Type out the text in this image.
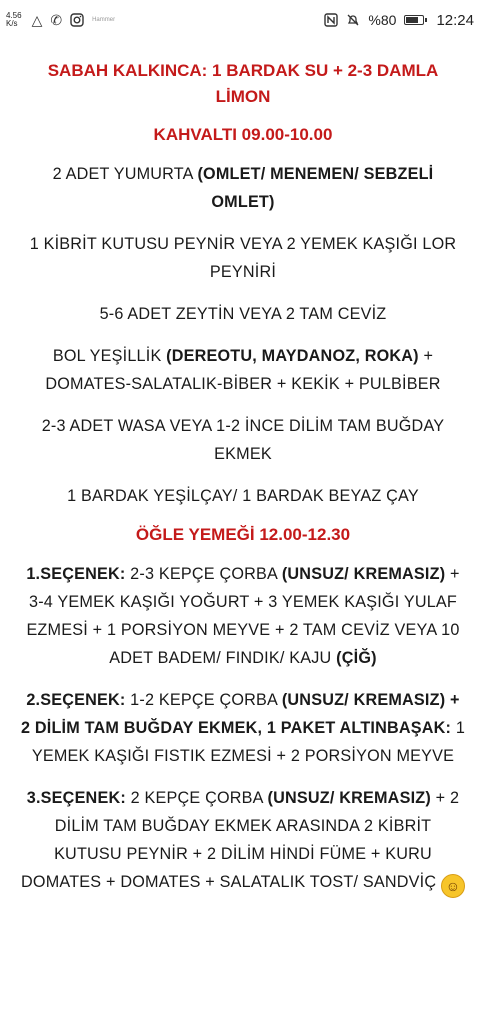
4.56
K/s △ ✆	Hammer	%80	12:24

SABAH KALKINCA: 1 BARDAK SU + 2-3 DAMLA LİMON

KAHVALTI 09.00-10.00

2 ADET YUMURTA (OMLET/ MENEMEN/ SEBZELİ OMLET)

1 KİBRİT KUTUSU PEYNİR VEYA 2 YEMEK KAŞIĞI LOR PEYNİRİ

5-6 ADET ZEYTİN VEYA 2 TAM CEVİZ

BOL YEŞİLLİK (DEREOTU, MAYDANOZ, ROKA) + DOMATES-SALATALIK-BİBER + KEKİK + PULBİBER

2-3 ADET WASA VEYA 1-2 İNCE DİLİM TAM BUĞDAY EKMEK

1 BARDAK YEŞİLÇAY/ 1 BARDAK BEYAZ ÇAY

ÖĞLE YEMEĞİ 12.00-12.30

1.SEÇENEK: 2-3 KEPÇE ÇORBA (UNSUZ/ KREMASIZ) + 3-4 YEMEK KAŞIĞI YOĞURT + 3 YEMEK KAŞIĞI YULAF EZMESİ + 1 PORSİYON MEYVE + 2 TAM CEVİZ VEYA 10 ADET BADEM/ FINDIK/ KAJU (ÇİĞ)

2.SEÇENEK: 1-2 KEPÇE ÇORBA (UNSUZ/ KREMASIZ) + 2 DİLİM TAM BUĞDAY EKMEK, 1 PAKET ALTINBAŞAK: 1 YEMEK KAŞIĞI FISTIK EZMESİ + 2 PORSİYON MEYVE

3.SEÇENEK: 2 KEPÇE ÇORBA (UNSUZ/ KREMASIZ) + 2 DİLİM TAM BUĞDAY EKMEK ARASINDA 2 KİBRİT KUTUSU PEYNİR + 2 DİLİM HİNDİ FÜME + KURU DOMATES + DOMATES + SALATALIK TOST/ SANDVİÇ ☺
